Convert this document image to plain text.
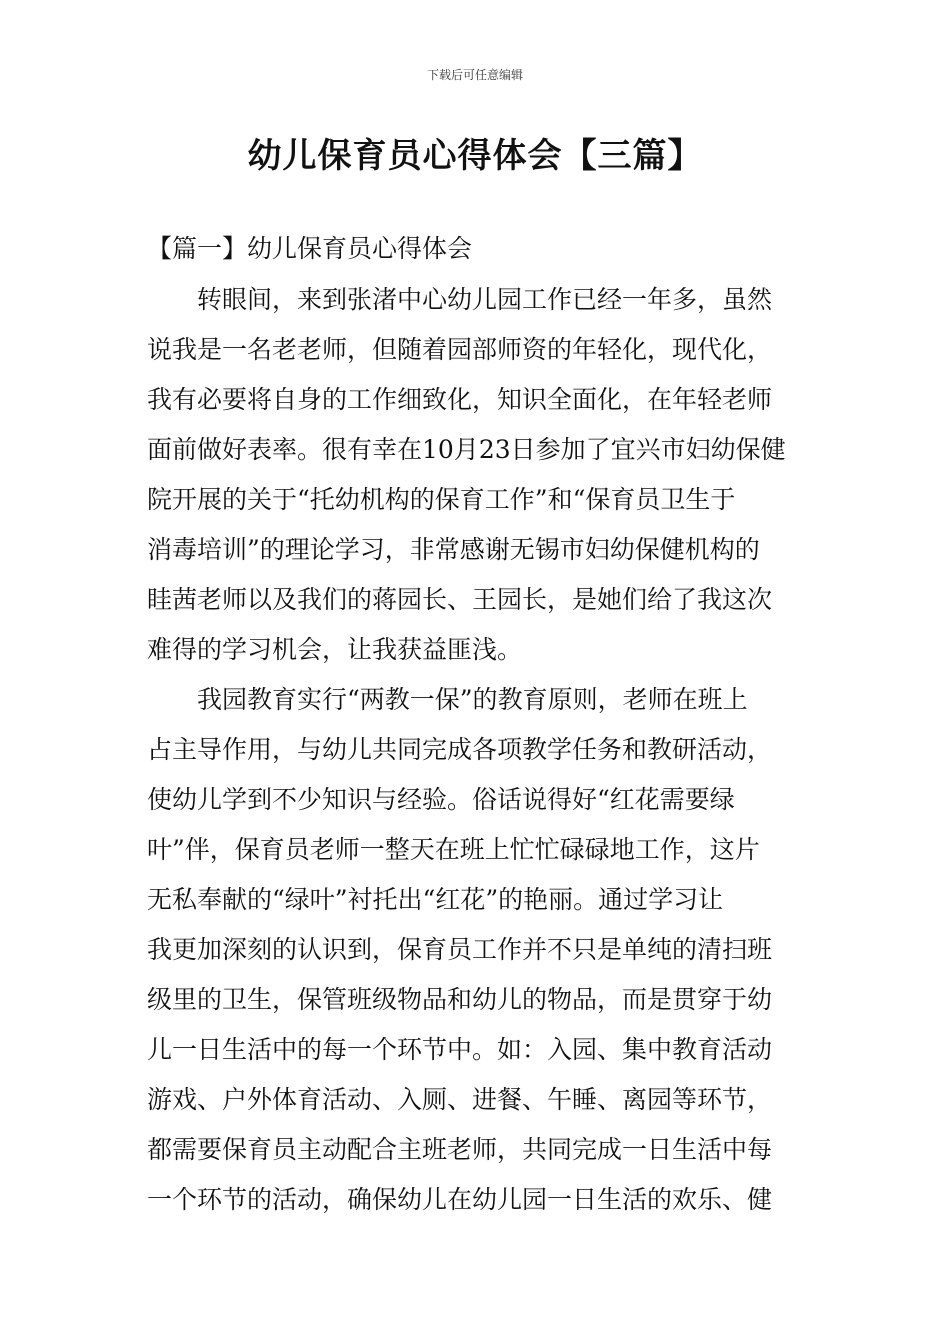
下载后可任意编辑
幼儿保育员心得体会【三篇】
【篇一】幼儿保育员心得体会
转眼间，来到张渚中心幼儿园工作已经一年多，虽然
说我是一名老老师，但随着园部师资的年轻化，现代化，
我有必要将自身的工作细致化，知识全面化，在年轻老师
面前做好表率。很有幸在10月23日参加了宜兴市妇幼保健
院开展的关于“托幼机构的保育工作”和“保育员卫生于
消毒培训”的理论学习，非常感谢无锡市妇幼保健机构的
眭茜老师以及我们的蒋园长、王园长，是她们给了我这次
难得的学习机会，让我获益匪浅。
我园教育实行“两教一保”的教育原则，老师在班上
占主导作用，与幼儿共同完成各项教学任务和教研活动，
使幼儿学到不少知识与经验。俗话说得好“红花需要绿
叶”伴，保育员老师一整天在班上忙忙碌碌地工作，这片
无私奉献的“绿叶”衬托出“红花”的艳丽。通过学习让
我更加深刻的认识到，保育员工作并不只是单纯的清扫班
级里的卫生，保管班级物品和幼儿的物品，而是贯穿于幼
儿一日生活中的每一个环节中。如：入园、集中教育活动
游戏、户外体育活动、入厕、进餐、午睡、离园等环节，
都需要保育员主动配合主班老师，共同完成一日生活中每
一个环节的活动，确保幼儿在幼儿园一日生活的欢乐、健
